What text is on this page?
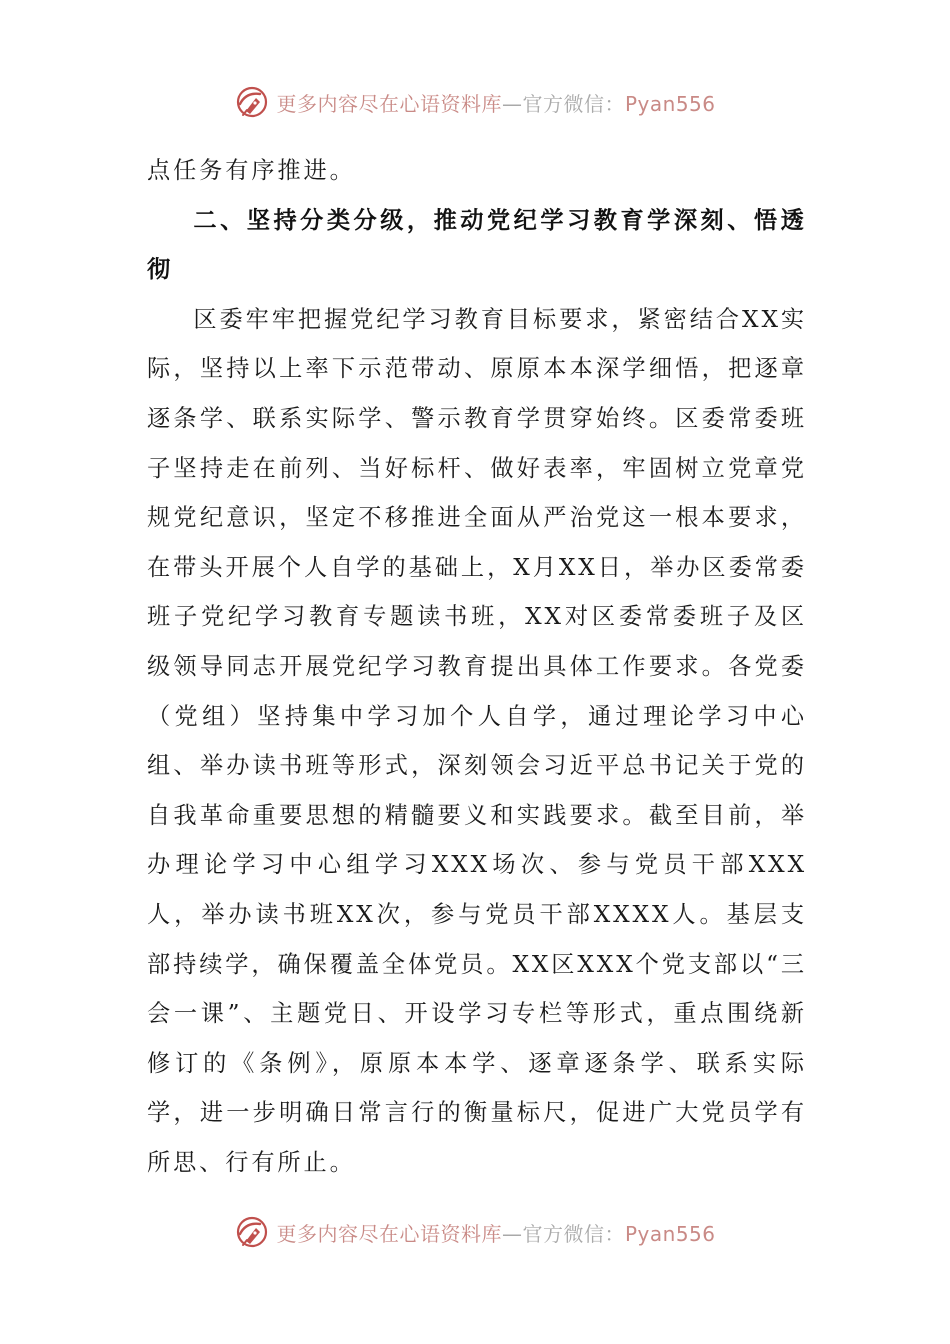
更多内容尽在心语资料库—官方微信：Pyan556

点任务有序推进。

二、坚持分类分级，推动党纪学习教育学深刻、悟透彻

区委牢牢把握党纪学习教育目标要求，紧密结合XX实际，坚持以上率下示范带动、原原本本深学细悟，把逐章逐条学、联系实际学、警示教育学贯穿始终。区委常委班子坚持走在前列、当好标杆、做好表率，牢固树立党章党规党纪意识，坚定不移推进全面从严治党这一根本要求，在带头开展个人自学的基础上，X月XX日，举办区委常委班子党纪学习教育专题读书班，XX对区委常委班子及区级领导同志开展党纪学习教育提出具体工作要求。各党委（党组）坚持集中学习加个人自学，通过理论学习中心组、举办读书班等形式，深刻领会习近平总书记关于党的自我革命重要思想的精髓要义和实践要求。截至目前，举办理论学习中心组学习XXX场次、参与党员干部XXX人，举办读书班XX次，参与党员干部XXXX人。基层支部持续学，确保覆盖全体党员。XX区XXX个党支部以“三会一课”、主题党日、开设学习专栏等形式，重点围绕新修订的《条例》，原原本本学、逐章逐条学、联系实际学，进一步明确日常言行的衡量标尺，促进广大党员学有所思、行有所止。

更多内容尽在心语资料库—官方微信：Pyan556
